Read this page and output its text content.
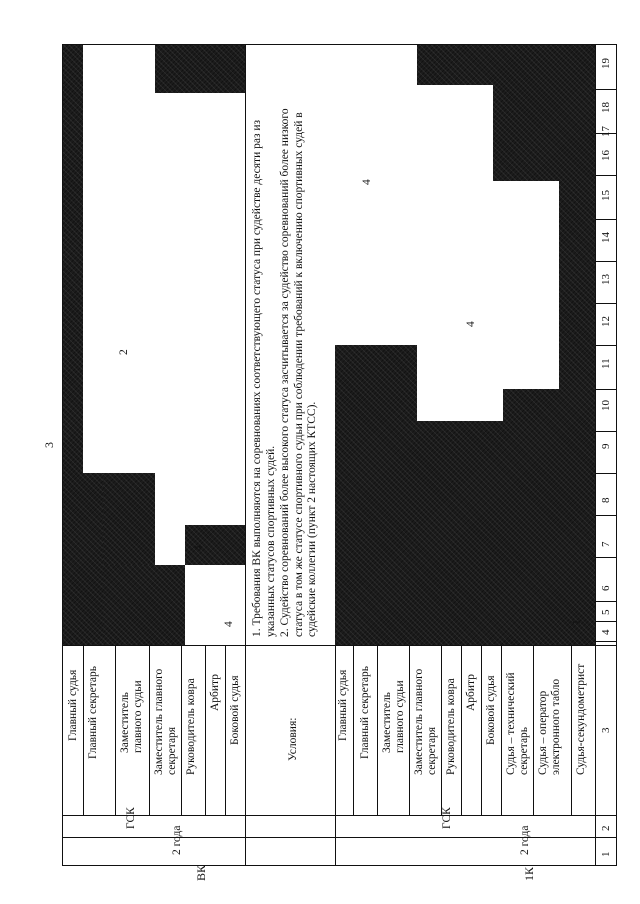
3
19
18
17
16
15
14
13
12
11
10
9
8
7
6
5
4
3
2
1
2
4
4
Главный судья Главный секретарь Заместитель главного судьи Заместитель главного секретаря Руководитель ковра Арбитр Боковой судья
ГСК
2 года
ВК
1. Требования ВК выполняются на соревнованиях соответствующего статуса при судействе десяти раз из указанных статусов спортивных судей. 2. Судейство соревнований более высокого статуса засчитывается за судейство соревнований более низкого статуса в том же статусе спортивного судьи при соблюдении требований к включению спортивных судей в судейские коллегии (пункт 2 настоящих КТСС).
Условия:
4
4
1
Главный судья Главный секретарь Заместитель главного судьи Заместитель главного секретаря Руководитель ковра Арбитр Боковой судья Судья – технический секретарь Судья – оператор электронного табло Судья-секундометрист
ГСК
2 года
1К
